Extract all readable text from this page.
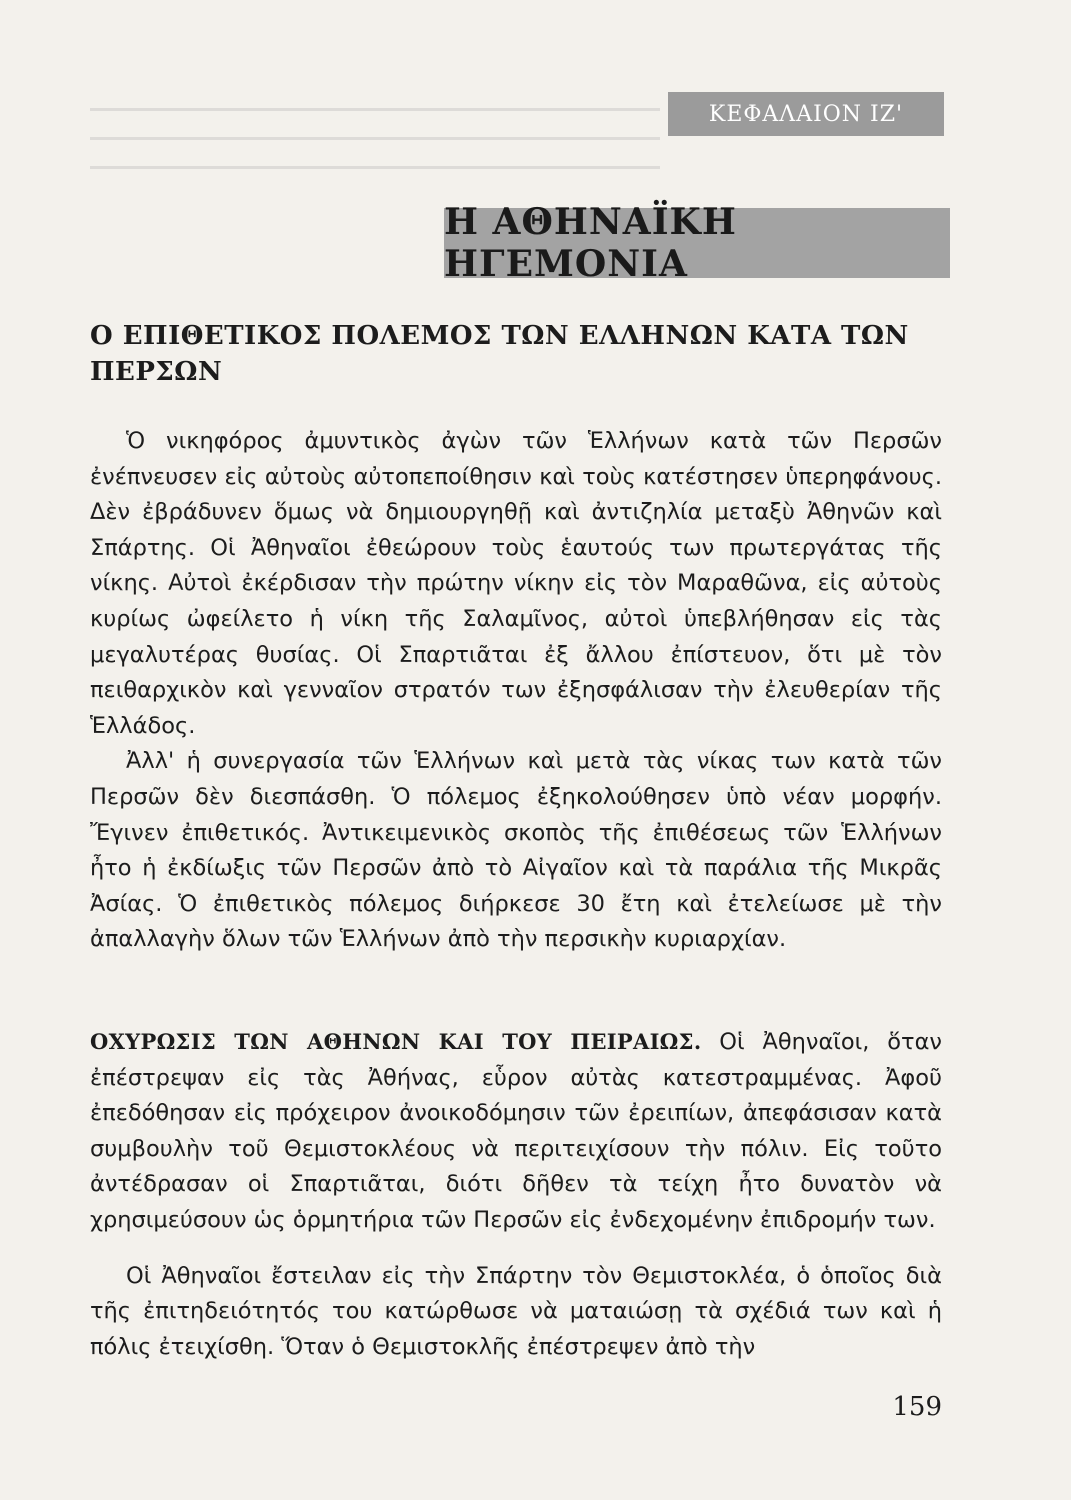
ΚΕΦΑΛΑΙΟΝ ΙΖ'
Η ΑΘΗΝΑΪΚΗ ΗΓΕΜΟΝΙΑ
Ο ΕΠΙΘΕΤΙΚΟΣ ΠΟΛΕΜΟΣ ΤΩΝ ΕΛΛΗΝΩΝ ΚΑΤΑ ΤΩΝ ΠΕΡΣΩΝ

Ὁ νικηφόρος ἀμυντικὸς ἀγὼν τῶν Ἑλλήνων κατὰ τῶν Περσῶν ἐνέπνευσεν εἰς αὐτοὺς αὐτοπεποίθησιν καὶ τοὺς κατέστησεν ὑπερηφάνους. Δὲν ἐβράδυνεν ὅμως νὰ δημιουργηθῇ καὶ ἀντιζηλία μεταξὺ Ἀθηνῶν καὶ Σπάρτης. Οἱ Ἀθηναῖοι ἐθεώρουν τοὺς ἑαυτούς των πρωτεργάτας τῆς νίκης. Αὐτοὶ ἐκέρδισαν τὴν πρώτην νίκην εἰς τὸν Μαραθῶνα, εἰς αὐτοὺς κυρίως ὠφείλετο ἡ νίκη τῆς Σαλαμῖνος, αὐτοὶ ὑπεβλήθησαν εἰς τὰς μεγαλυτέρας θυσίας. Οἱ Σπαρτιᾶται ἐξ ἄλλου ἐπίστευον, ὅτι μὲ τὸν πειθαρχικὸν καὶ γενναῖον στρατόν των ἐξησφάλισαν τὴν ἐλευθερίαν τῆς Ἑλλάδος.

Ἀλλ' ἡ συνεργασία τῶν Ἑλλήνων καὶ μετὰ τὰς νίκας των κατὰ τῶν Περσῶν δὲν διεσπάσθη. Ὁ πόλεμος ἐξηκολούθησεν ὑπὸ νέαν μορφήν. Ἔγινεν ἐπιθετικός. Ἀντικειμενικὸς σκοπὸς τῆς ἐπιθέσεως τῶν Ἑλλήνων ἦτο ἡ ἐκδίωξις τῶν Περσῶν ἀπὸ τὸ Αἰγαῖον καὶ τὰ παράλια τῆς Μικρᾶς Ἀσίας. Ὁ ἐπιθετικὸς πόλεμος διήρκεσε 30 ἔτη καὶ ἐτελείωσε μὲ τὴν ἀπαλλαγὴν ὅλων τῶν Ἑλλήνων ἀπὸ τὴν περσικὴν κυριαρχίαν.

ΟΧΥΡΩΣΙΣ ΤΩΝ ΑΘΗΝΩΝ ΚΑΙ ΤΟΥ ΠΕΙΡΑΙΩΣ. Οἱ Ἀθηναῖοι, ὅταν ἐπέστρεψαν εἰς τὰς Ἀθήνας, εὗρον αὐτὰς κατεστραμμένας. Ἀφοῦ ἐπεδόθησαν εἰς πρόχειρον ἀνοικοδόμησιν τῶν ἐρειπίων, ἀπεφάσισαν κατὰ συμβουλὴν τοῦ Θεμιστοκλέους νὰ περιτειχίσουν τὴν πόλιν. Εἰς τοῦτο ἀντέδρασαν οἱ Σπαρτιᾶται, διότι δῆθεν τὰ τείχη ἦτο δυνατὸν νὰ χρησιμεύσουν ὡς ὁρμητήρια τῶν Περσῶν εἰς ἐνδεχομένην ἐπιδρομήν των.

Οἱ Ἀθηναῖοι ἔστειλαν εἰς τὴν Σπάρτην τὸν Θεμιστοκλέα, ὁ ὁποῖος διὰ τῆς ἐπιτηδειότητός του κατώρθωσε νὰ ματαιώσῃ τὰ σχέδιά των καὶ ἡ πόλις ἐτειχίσθη. Ὅταν ὁ Θεμιστοκλῆς ἐπέστρεψεν ἀπὸ τὴν

159
